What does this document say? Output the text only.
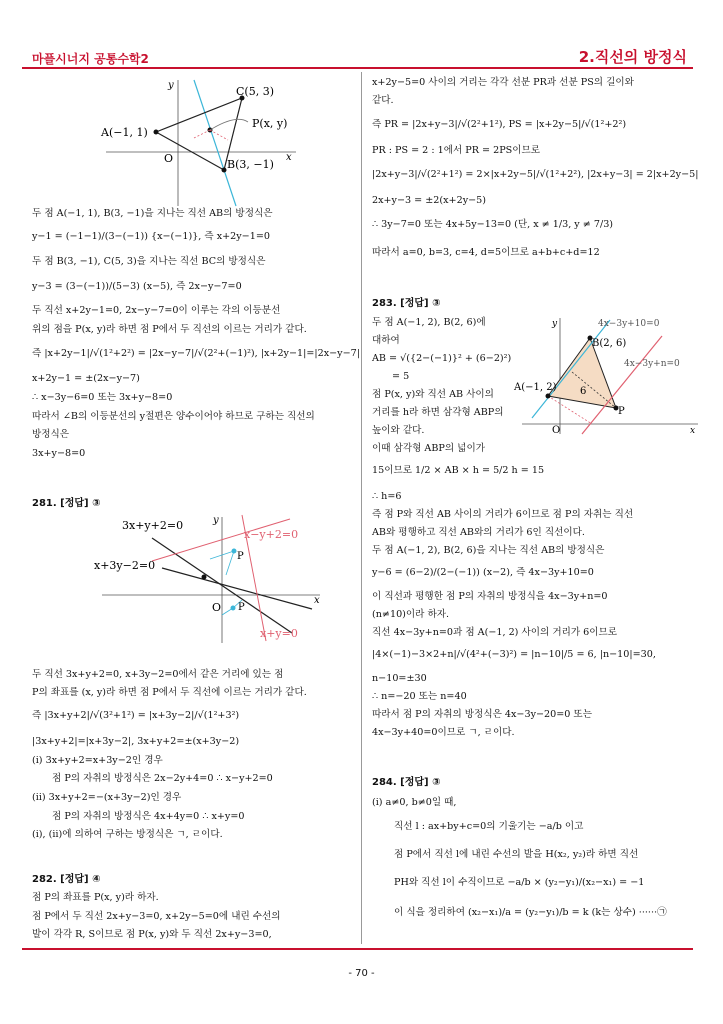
마플시너지 공통수학2	2.직선의 방정식
C(5, 3)
A(−1, 1)
P(x, y)
B(3, −1)
O
y
x
두 점 A(−1, 1), B(3, −1)을 지나는 직선 AB의 방정식은
y−1 = (−1−1)/(3−(−1)) {x−(−1)}, 즉 x+2y−1=0
두 점 B(3, −1), C(5, 3)을 지나는 직선 BC의 방정식은
y−3 = (3−(−1))/(5−3) (x−5), 즉 2x−y−7=0
두 직선 x+2y−1=0, 2x−y−7=0이 이루는 각의 이등분선
위의 점을 P(x, y)라 하면 점 P에서 두 직선의 이르는 거리가 같다.
즉 |x+2y−1|/√(1²+2²) = |2x−y−7|/√(2²+(−1)²), |x+2y−1|=|2x−y−7|
x+2y−1 = ±(2x−y−7)
∴ x−3y−6=0 또는 3x+y−8=0
따라서 ∠B의 이등분선의 y절편은 양수이어야 하므로 구하는 직선의
방정식은
3x+y−8=0
281. [정답] ③
3x+y+2=0
x+3y−2=0
x−y+2=0
x+y=0
P
P
O
y
x
두 직선 3x+y+2=0, x+3y−2=0에서 같은 거리에 있는 점
P의 좌표를 (x, y)라 하면 점 P에서 두 직선에 이르는 거리가 같다.
즉 |3x+y+2|/√(3²+1²) = |x+3y−2|/√(1²+3²)
|3x+y+2|=|x+3y−2|, 3x+y+2=±(x+3y−2)
(ⅰ) 3x+y+2=x+3y−2인 경우
점 P의 자취의 방정식은 2x−2y+4=0 ∴ x−y+2=0
(ⅱ) 3x+y+2=−(x+3y−2)인 경우
점 P의 자취의 방정식은 4x+4y=0 ∴ x+y=0
(ⅰ), (ⅱ)에 의하여 구하는 방정식은 ㄱ, ㄹ이다.
282. [정답] ④
점 P의 좌표를 P(x, y)라 하자.
점 P에서 두 직선 2x+y−3=0, x+2y−5=0에 내린 수선의
발이 각각 R, S이므로 점 P(x, y)와 두 직선 2x+y−3=0,
x+2y−5=0 사이의 거리는 각각 선분 PR과 선분 PS의 길이와
같다.
즉 PR = |2x+y−3|/√(2²+1²), PS = |x+2y−5|/√(1²+2²)
PR : PS = 2 : 1에서 PR = 2PS이므로
|2x+y−3|/√(2²+1²) = 2×|x+2y−5|/√(1²+2²), |2x+y−3| = 2|x+2y−5|
2x+y−3 = ±2(x+2y−5)
∴ 3y−7=0 또는 4x+5y−13=0 (단, x ≠ 1/3, y ≠ 7/3)
따라서 a=0, b=3, c=4, d=5이므로 a+b+c+d=12
283. [정답] ③
두 점 A(−1, 2), B(2, 6)에
대하여
AB = √({2−(−1)}² + (6−2)²)
= 5
점 P(x, y)와 직선 AB 사이의
거리를 h라 하면 삼각형 ABP의
높이와 같다.
이때 삼각형 ABP의 넓이가
15이므로 1/2 × AB × h = 5/2 h = 15
∴ h=6
즉 점 P와 직선 AB 사이의 거리가 6이므로 점 P의 자취는 직선
AB와 평행하고 직선 AB와의 거리가 6인 직선이다.
두 점 A(−1, 2), B(2, 6)을 지나는 직선 AB의 방정식은
y−6 = (6−2)/(2−(−1)) (x−2), 즉 4x−3y+10=0
이 직선과 평행한 점 P의 자취의 방정식을 4x−3y+n=0
(n≠10)이라 하자.
직선 4x−3y+n=0과 점 A(−1, 2) 사이의 거리가 6이므로
|4×(−1)−3×2+n|/√(4²+(−3)²) = |n−10|/5 = 6, |n−10|=30,
n−10=±30
∴ n=−20 또는 n=40
따라서 점 P의 자취의 방정식은 4x−3y−20=0 또는
4x−3y+40=0이므로 ㄱ, ㄹ이다.
284. [정답] ③
(ⅰ) a≠0, b≠0일 때,
직선 l : ax+by+c=0의 기울기는 −a/b 이고
점 P에서 직선 l에 내린 수선의 발을 H(x₂, y₂)라 하면 직선
PH와 직선 l이 수직이므로 −a/b × (y₂−y₁)/(x₂−x₁) = −1
이 식을 정리하여 (x₂−x₁)/a = (y₂−y₁)/b = k (k는 상수) ······㉠
4x−3y+10=0
4x−3y+n=0
B(2, 6)
A(−1, 2) 6
P
O
y
x
- 70 -
